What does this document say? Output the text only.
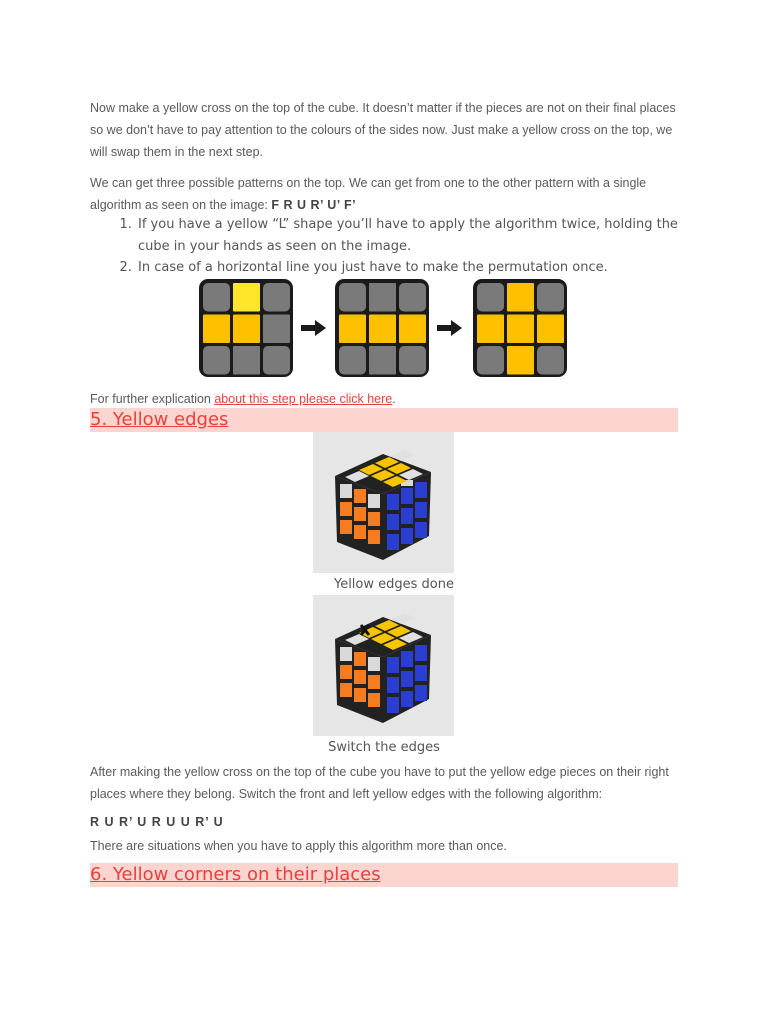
Now make a yellow cross on the top of the cube. It doesn’t matter if the pieces are not on their final places so we don’t have to pay attention to the colours of the sides now. Just make a yellow cross on the top, we will swap them in the next step.

We can get three possible patterns on the top. We can get from one to the other pattern with a single algorithm as seen on the image: F R U R’ U’ F’

1. If you have a yellow “L” shape you’ll have to apply the algorithm twice, holding the cube in your hands as seen on the image.
2. In case of a horizontal line you just have to make the permutation once.
For further explication about this step please click here.
5. Yellow edges
Yellow edges done
Switch the edges

After making the yellow cross on the top of the cube you have to put the yellow edge pieces on their right places where they belong. Switch the front and left yellow edges with the following algorithm:

R U R’ U R U U R’ U

There are situations when you have to apply this algorithm more than once.

6. Yellow corners on their places
